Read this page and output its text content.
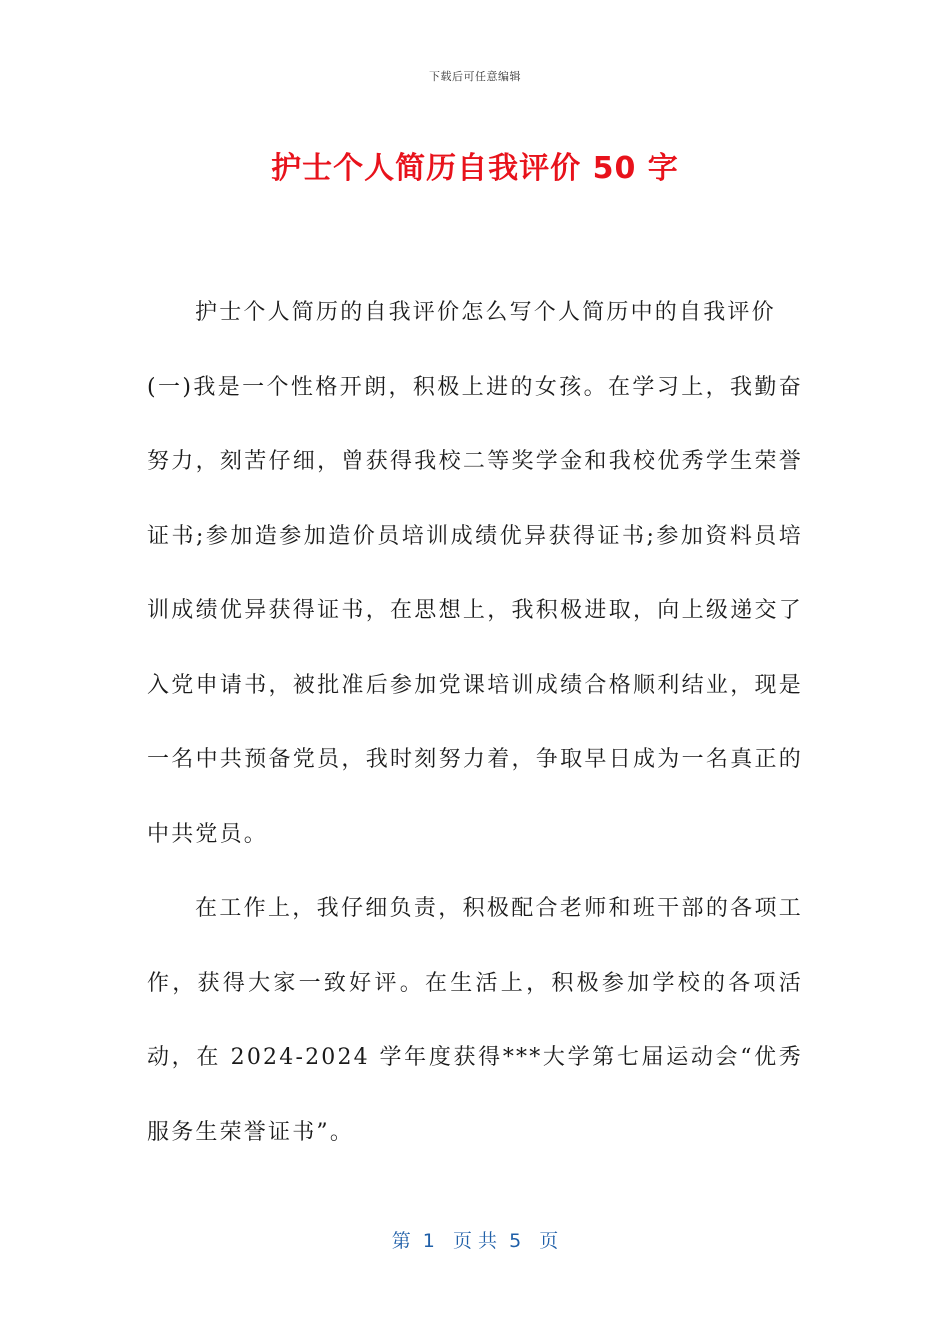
下载后可任意编辑
护士个人简历自我评价 50 字

护士个人简历的自我评价怎么写个人简历中的自我评价

(一)我是一个性格开朗，积极上进的女孩。在学习上，我勤奋努力，刻苦仔细，曾获得我校二等奖学金和我校优秀学生荣誉证书;参加造参加造价员培训成绩优异获得证书;参加资料员培训成绩优异获得证书，在思想上，我积极进取，向上级递交了入党申请书，被批准后参加党课培训成绩合格顺利结业，现是一名中共预备党员，我时刻努力着，争取早日成为一名真正的中共党员。

在工作上，我仔细负责，积极配合老师和班干部的各项工作，获得大家一致好评。在生活上，积极参加学校的各项活动，在 2024-2024 学年度获得***大学第七届运动会“优秀服务生荣誉证书”。

第  1   页 共  5   页
